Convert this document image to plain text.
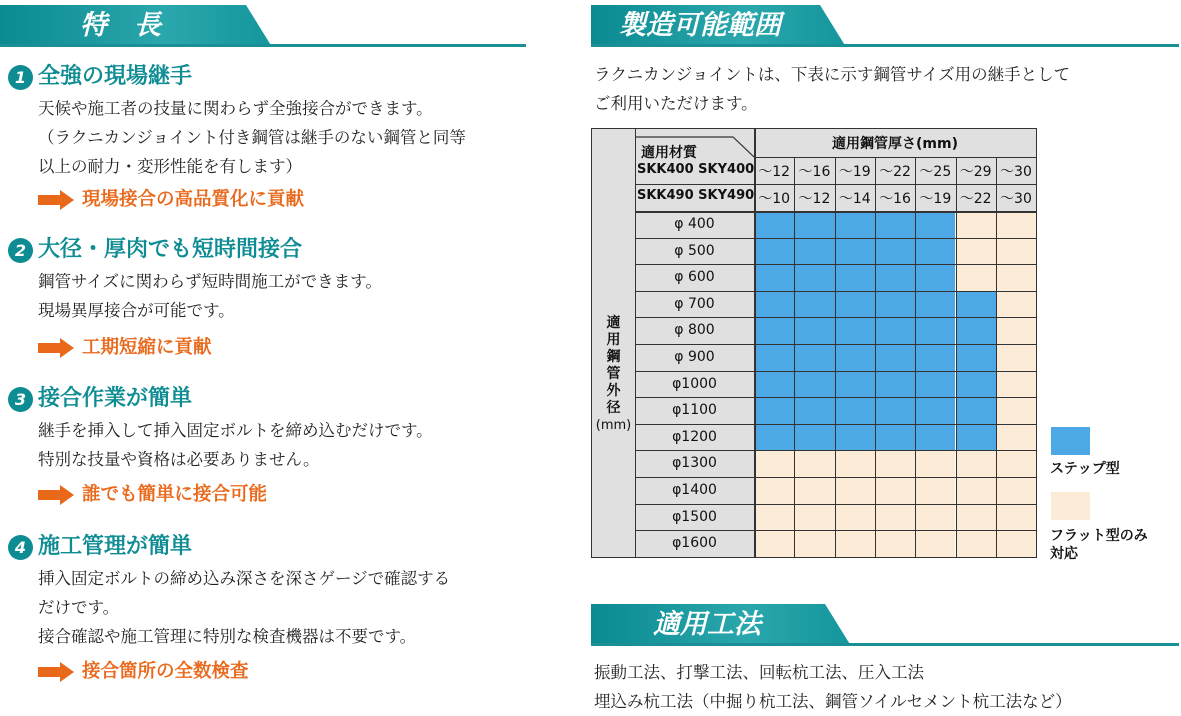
特　長
1 全強の現場継手
天候や施工者の技量に関わらず全強接合ができます。
（ラクニカンジョイント付き鋼管は継手のない鋼管と同等
以上の耐力・変形性能を有します）
現場接合の高品質化に貢献
2 大径・厚肉でも短時間接合
鋼管サイズに関わらず短時間施工ができます。
現場異厚接合が可能です。
工期短縮に貢献
3 接合作業が簡単
継手を挿入して挿入固定ボルトを締め込むだけです。
特別な技量や資格は必要ありません。
誰でも簡単に接合可能
4 施工管理が簡単
挿入固定ボルトの締め込み深さを深さゲージで確認する
だけです。
接合確認や施工管理に特別な検査機器は不要です。
接合箇所の全数検査
製造可能範囲
ラクニカンジョイントは、下表に示す鋼管サイズ用の継手として
ご利用いただけます。
～12 ～16 ～19 ～22 ～25 ～29 ～30
～10 ～12 ～14 ～16 ～19 ～22 ～30
φ 400
φ 500
φ 600
φ 700
φ 800
φ 900
φ1000
φ1100
φ1200
φ1300
φ1400
φ1500
φ1600
適用鋼管厚さ(mm)
適用材質
SKK400 SKY400
SKK490 SKY490
適
用
鋼
管
外
径
(mm)
ステップ型
フラット型のみ
対応
適用工法
振動工法、打撃工法、回転杭工法、圧入工法
埋込み杭工法（中掘り杭工法、鋼管ソイルセメント杭工法など）
